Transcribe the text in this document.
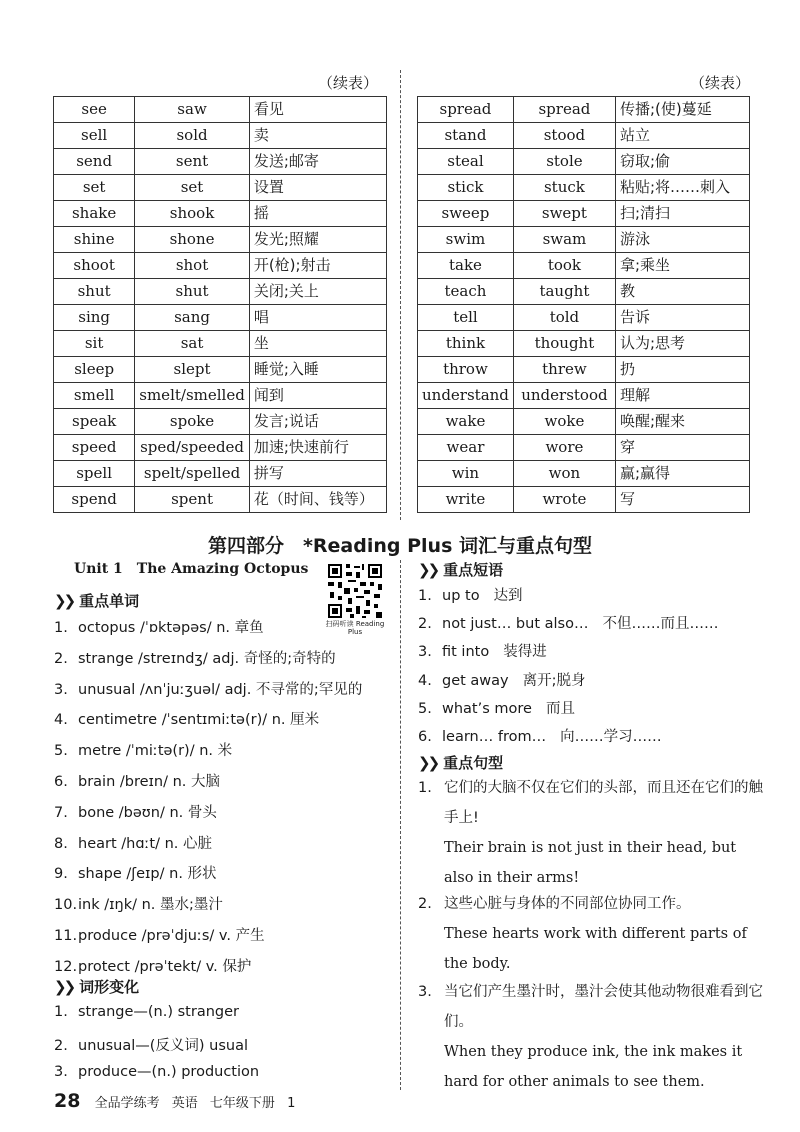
（续表）	（续表）
see	saw	看见
sell	sold	卖
send	sent	发送;邮寄
set	set	设置
shake	shook	摇
shine	shone	发光;照耀
shoot	shot	开(枪);射击
shut	shut	关闭;关上
sing	sang	唱
sit	sat	坐
sleep	slept	睡觉;入睡
smell	smelt/smelled	闻到
speak	spoke	发言;说话
speed	sped/speeded	加速;快速前行
spell	spelt/spelled	拼写
spend	spent	花（时间、钱等）
spread	spread	传播;(使)蔓延
stand	stood	站立
steal	stole	窃取;偷
stick	stuck	粘贴;将……刺入
sweep	swept	扫;清扫
swim	swam	游泳
take	took	拿;乘坐
teach	taught	教
tell	told	告诉
think	thought	认为;思考
throw	threw	扔
understand	understood	理解
wake	woke	唤醒;醒来
wear	wore	穿
win	won	赢;赢得
write	wrote	写
第四部分　*Reading Plus 词汇与重点句型
Unit 1　The Amazing Octopus
扫码听读 Reading Plus
❯❯ 重点单词
1. octopus /ˈɒktəpəs/ n. 章鱼
2. strange /streɪndʒ/ adj. 奇怪的;奇特的
3. unusual /ʌnˈjuːʒuəl/ adj. 不寻常的;罕见的
4. centimetre /ˈsentɪmiːtə(r)/ n. 厘米
5. metre /ˈmiːtə(r)/ n. 米
6. brain /breɪn/ n. 大脑
7. bone /bəʊn/ n. 骨头
8. heart /hɑːt/ n. 心脏
9. shape /ʃeɪp/ n. 形状
10.ink /ɪŋk/ n. 墨水;墨汁
11.produce /prəˈdjuːs/ v. 产生
12.protect /prəˈtekt/ v. 保护
❯❯ 词形变化
1. strange—(n.) stranger
2. unusual—(反义词) usual
3. produce—(n.) production
❯❯ 重点短语
1. up to 达到
2. not just… but also… 不但……而且……
3. fit into 装得进
4. get away 离开;脱身
5. what’s more 而且
6. learn… from… 向……学习……
❯❯ 重点句型
1. 它们的大脑不仅在它们的头部，而且还在它们的触手上!
Their brain is not just in their head, but also in their arms!
2. 这些心脏与身体的不同部位协同工作。
These hearts work with different parts of the body.
3. 当它们产生墨汁时，墨汁会使其他动物很难看到它们。
When they produce ink, the ink makes it hard for other animals to see them.
28 全品学练考 英语 七年级下册 1
